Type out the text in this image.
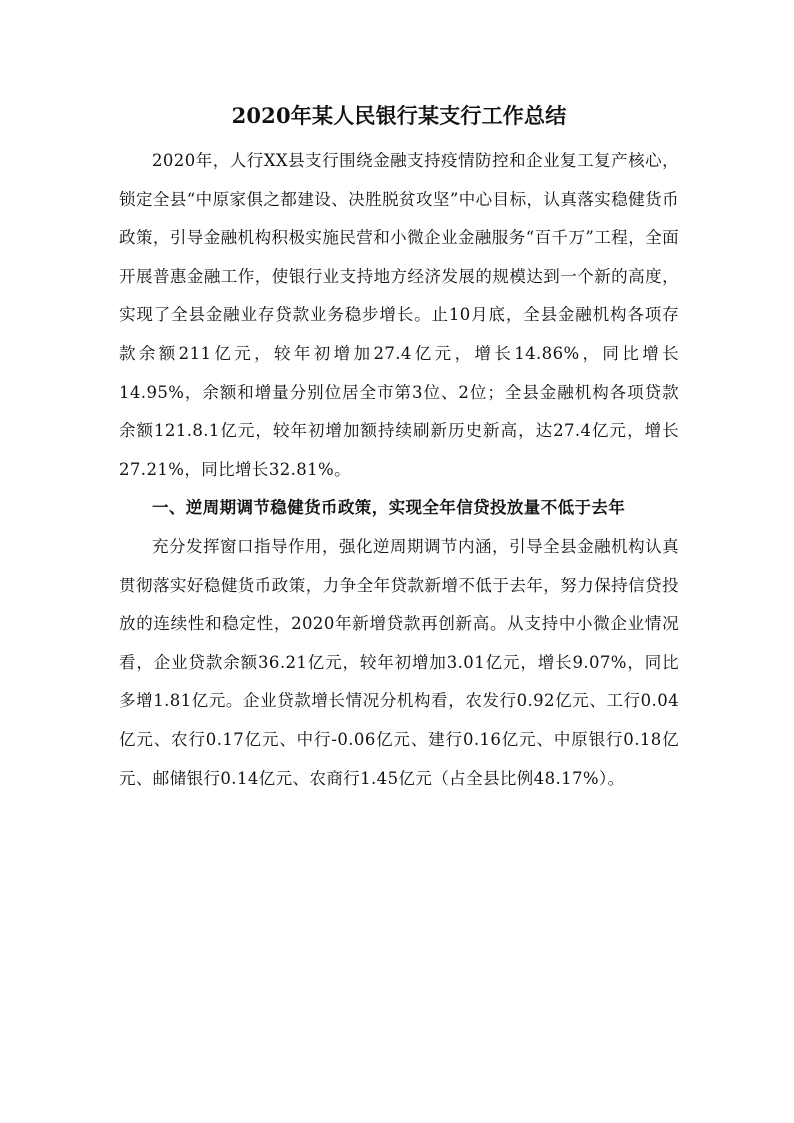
2020年某人民银行某支行工作总结

2020年，人行XX县支行围绕金融支持疫情防控和企业复工复产核心，锁定全县“中原家俱之都建设、决胜脱贫攻坚”中心目标，认真落实稳健货币政策，引导金融机构积极实施民营和小微企业金融服务“百千万”工程，全面开展普惠金融工作，使银行业支持地方经济发展的规模达到一个新的高度，实现了全县金融业存贷款业务稳步增长。止10月底，全县金融机构各项存款余额211亿元，较年初增加27.4亿元，增长14.86%，同比增长14.95%，余额和增量分别位居全市第3位、2位；全县金融机构各项贷款余额121.8.1亿元，较年初增加额持续刷新历史新高，达27.4亿元，增长27.21%，同比增长32.81%。

一、逆周期调节稳健货币政策，实现全年信贷投放量不低于去年

充分发挥窗口指导作用，强化逆周期调节内涵，引导全县金融机构认真贯彻落实好稳健货币政策，力争全年贷款新增不低于去年，努力保持信贷投放的连续性和稳定性，2020年新增贷款再创新高。从支持中小微企业情况看，企业贷款余额36.21亿元，较年初增加3.01亿元，增长9.07%，同比多增1.81亿元。企业贷款增长情况分机构看，农发行0.92亿元、工行0.04亿元、农行0.17亿元、中行-0.06亿元、建行0.16亿元、中原银行0.18亿元、邮储银行0.14亿元、农商行1.45亿元（占全县比例48.17%）。
